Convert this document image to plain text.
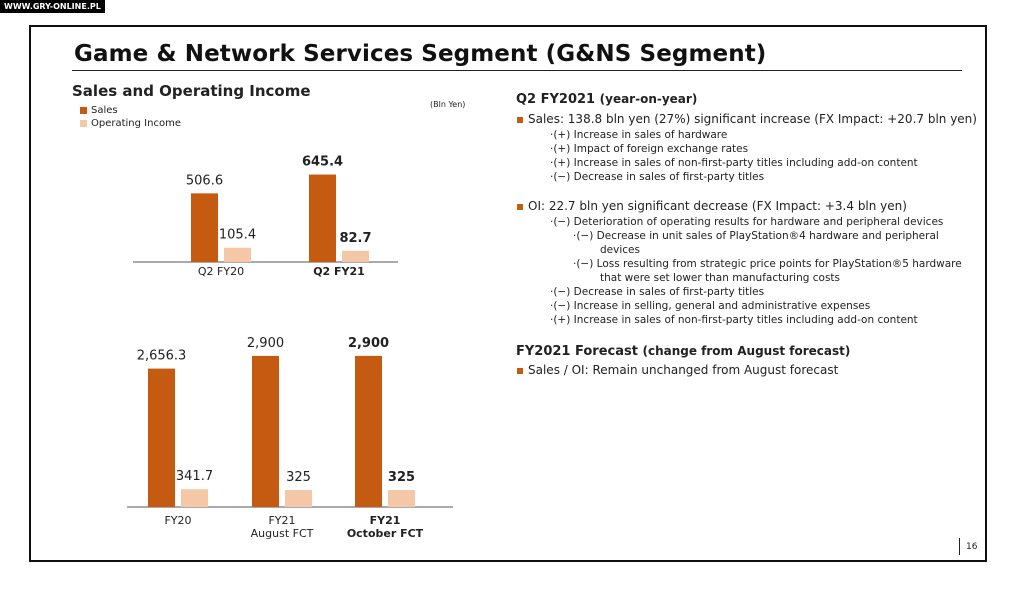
WWW.GRY-ONLINE.PL
Game & Network Services Segment (G&NS Segment)
Sales and Operating Income
Sales
Operating Income
(Bln Yen)
506.6
105.4
Q2 FY20
645.4
82.7
Q2 FY21
2,656.3
341.7
FY20
2,900
325
FY21
August FCT
2,900
325
FY21
October FCT
Q2 FY2021 (year-on-year)
Sales: 138.8 bln yen (27%) significant increase (FX Impact: +20.7 bln yen)
·(+) Increase in sales of hardware
·(+) Impact of foreign exchange rates
·(+) Increase in sales of non-first-party titles including add-on content
·(−) Decrease in sales of first-party titles
OI: 22.7 bln yen significant decrease (FX Impact: +3.4 bln yen)
·(−) Deterioration of operating results for hardware and peripheral devices
·(−) Decrease in unit sales of PlayStation®4 hardware and peripheral
devices
·(−) Loss resulting from strategic price points for PlayStation®5 hardware
that were set lower than manufacturing costs
·(−) Decrease in sales of first-party titles
·(−) Increase in selling, general and administrative expenses
·(+) Increase in sales of non-first-party titles including add-on content
FY2021 Forecast (change from August forecast)
Sales / OI: Remain unchanged from August forecast
16
